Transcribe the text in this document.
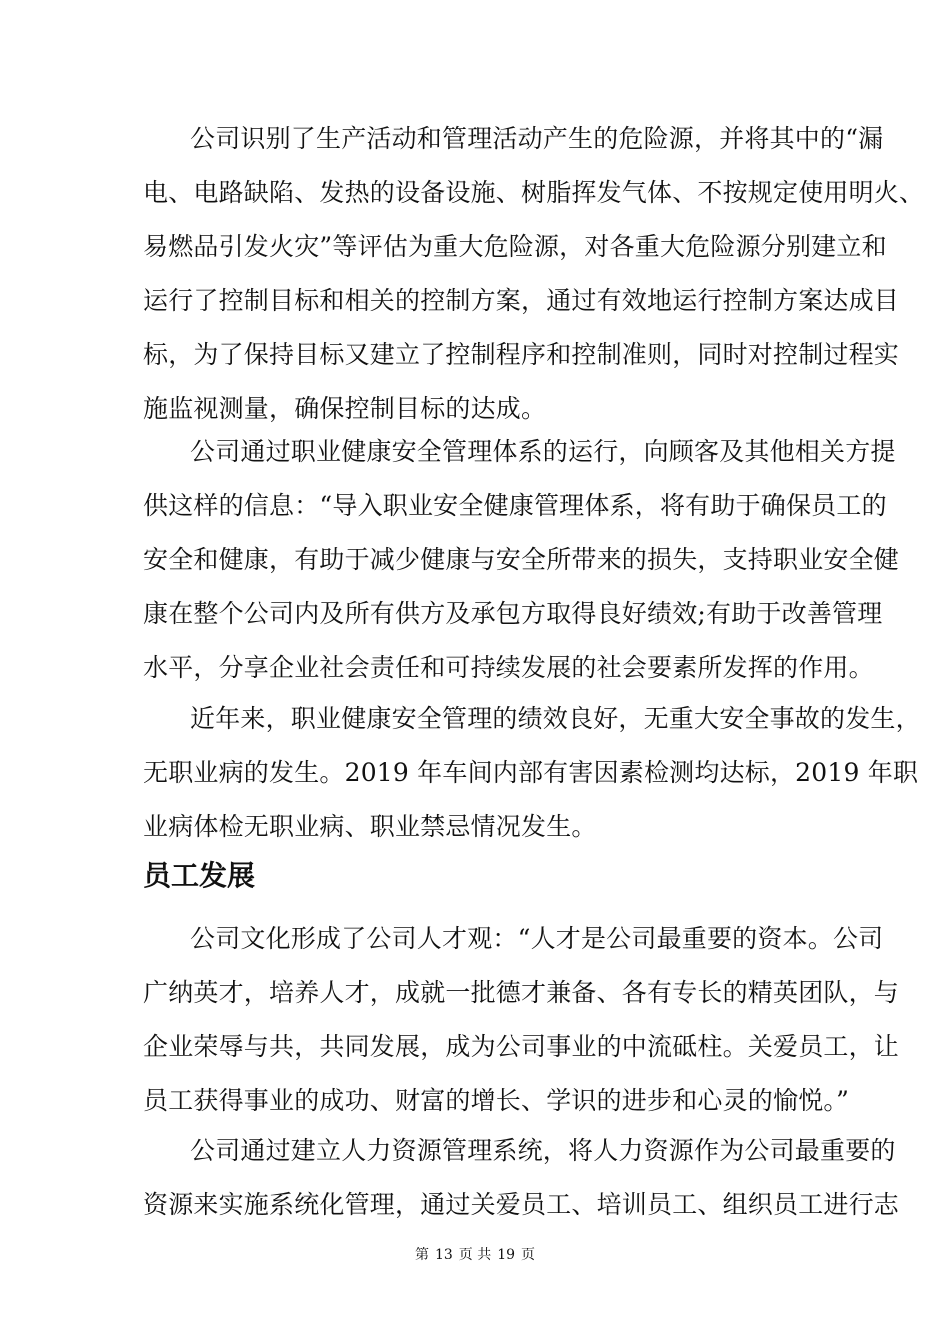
公司识别了生产活动和管理活动产生的危险源，并将其中的“漏
电、电路缺陷、发热的设备设施、树脂挥发气体、不按规定使用明火、
易燃品引发火灾”等评估为重大危险源，对各重大危险源分别建立和
运行了控制目标和相关的控制方案，通过有效地运行控制方案达成目
标，为了保持目标又建立了控制程序和控制准则，同时对控制过程实
施监视测量，确保控制目标的达成。
公司通过职业健康安全管理体系的运行，向顾客及其他相关方提
供这样的信息：“导入职业安全健康管理体系，将有助于确保员工的
安全和健康，有助于减少健康与安全所带来的损失，支持职业安全健
康在整个公司内及所有供方及承包方取得良好绩效;有助于改善管理
水平，分享企业社会责任和可持续发展的社会要素所发挥的作用。
近年来，职业健康安全管理的绩效良好，无重大安全事故的发生，
无职业病的发生。2019 年车间内部有害因素检测均达标，2019 年职
业病体检无职业病、职业禁忌情况发生。
员工发展
公司文化形成了公司人才观：“人才是公司最重要的资本。公司
广纳英才，培养人才，成就一批德才兼备、各有专长的精英团队，与
企业荣辱与共，共同发展，成为公司事业的中流砥柱。关爱员工，让
员工获得事业的成功、财富的增长、学识的进步和心灵的愉悦。”
公司通过建立人力资源管理系统，将人力资源作为公司最重要的
资源来实施系统化管理，通过关爱员工、培训员工、组织员工进行志
第 13 页 共 19 页
